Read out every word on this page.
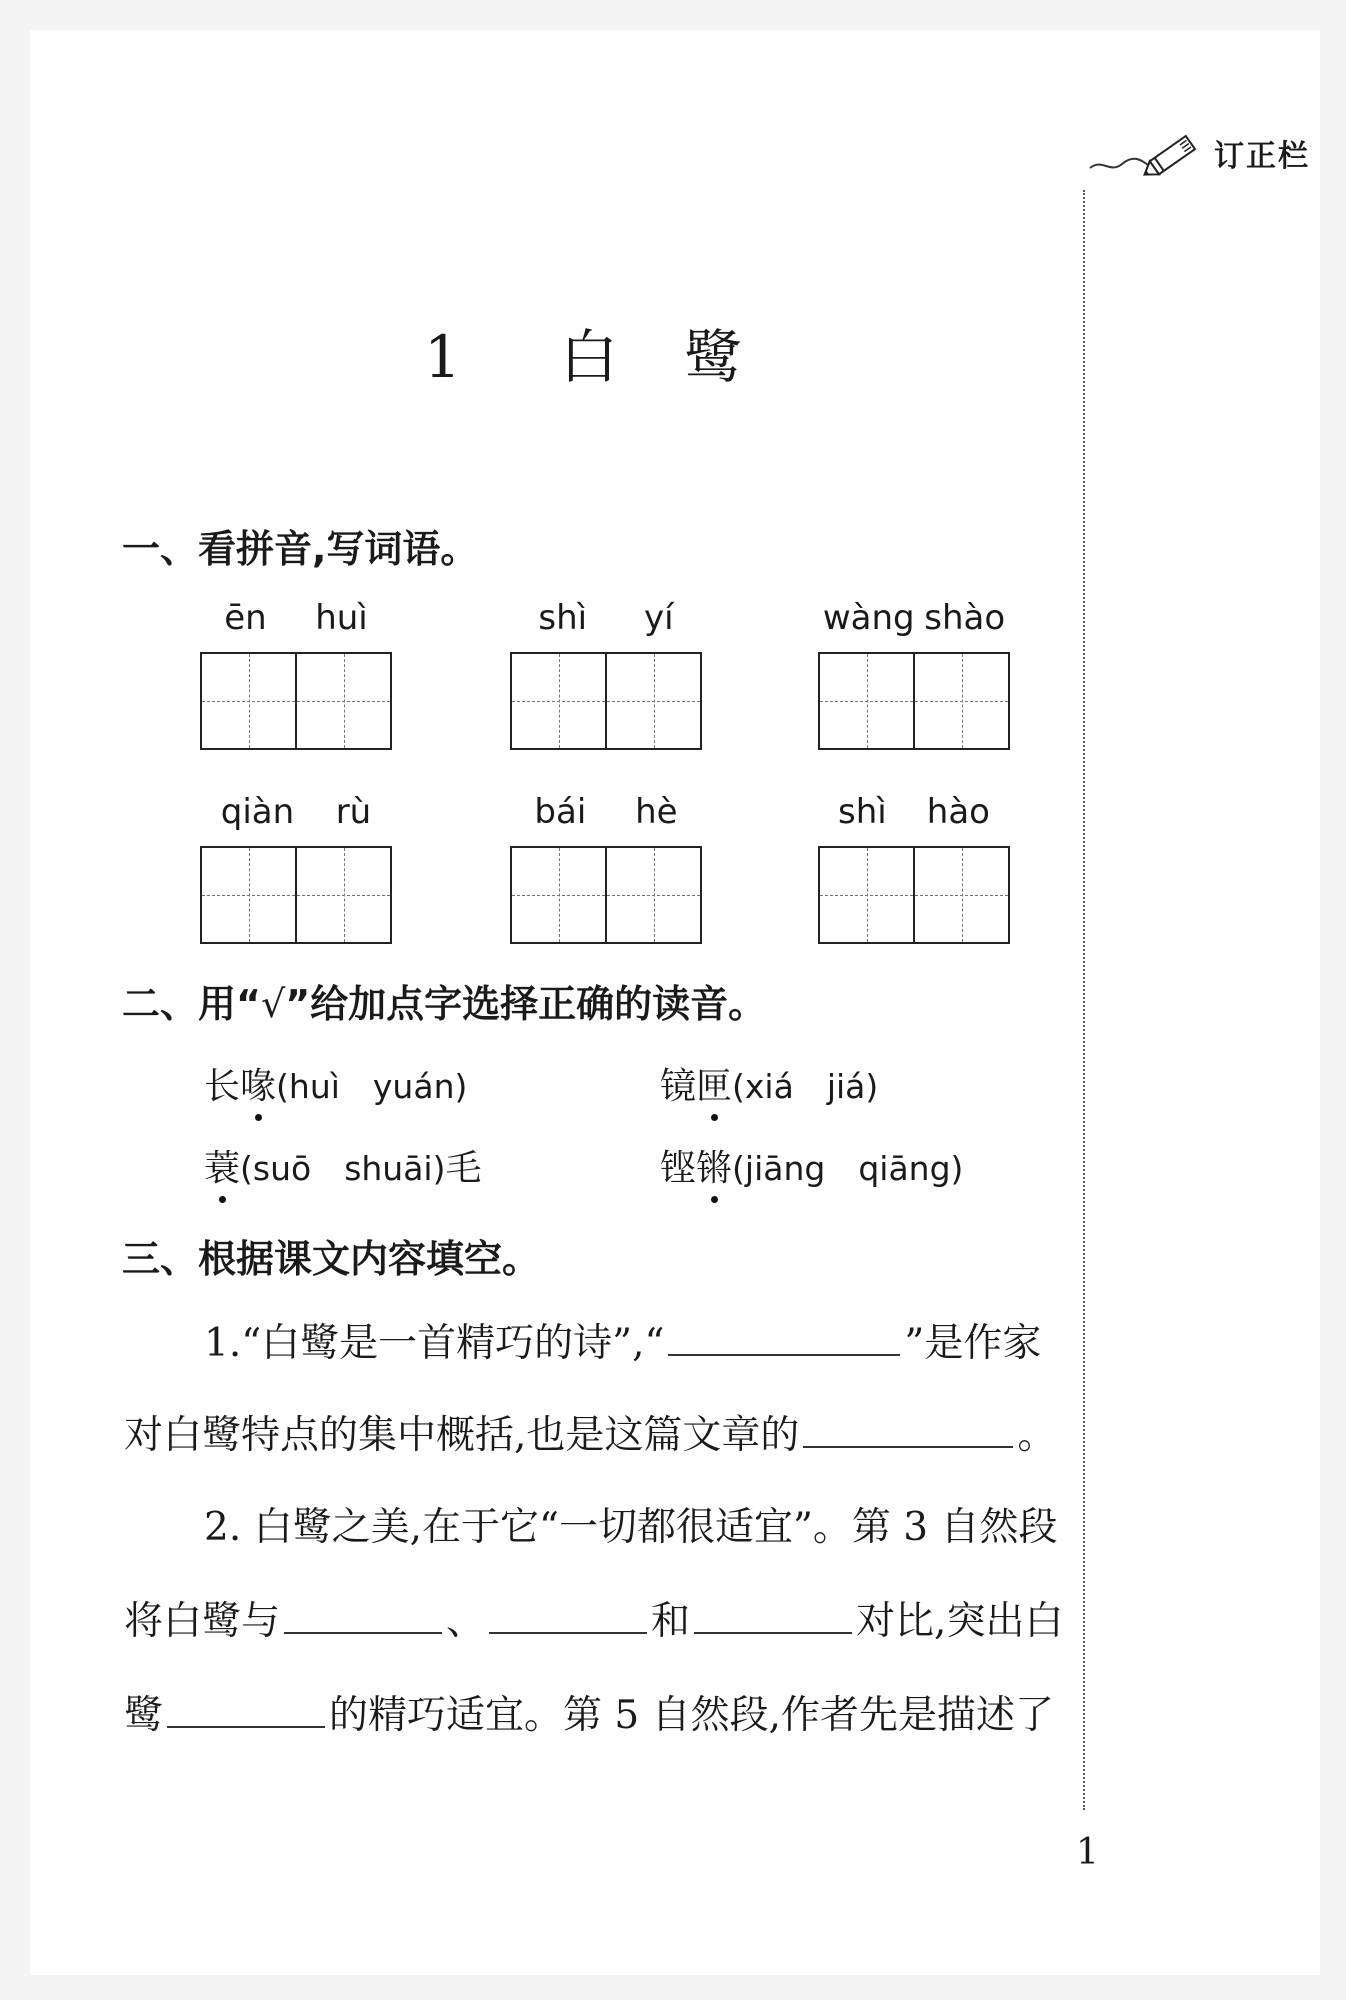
订正栏
1 白　鹭
一、看拼音,写词语。
ēn huì	shì yí	wàng shào
qiàn rù	bái hè	shì hào
二、用“√”给加点字选择正确的读音。
长喙(huì　yuán)	镜匣(xiá　jiá)
蓑(suō　shuāi)毛	铿锵(jiāng　qiāng)
三、根据课文内容填空。
1.“白鹭是一首精巧的诗”,“	”是作家
对白鹭特点的集中概括,也是这篇文章的	。
2. 白鹭之美,在于它“一切都很适宜”。第 3 自然段
将白鹭与	、	和	对比,突出白
鹭	的精巧适宜。第 5 自然段,作者先是描述了
1
